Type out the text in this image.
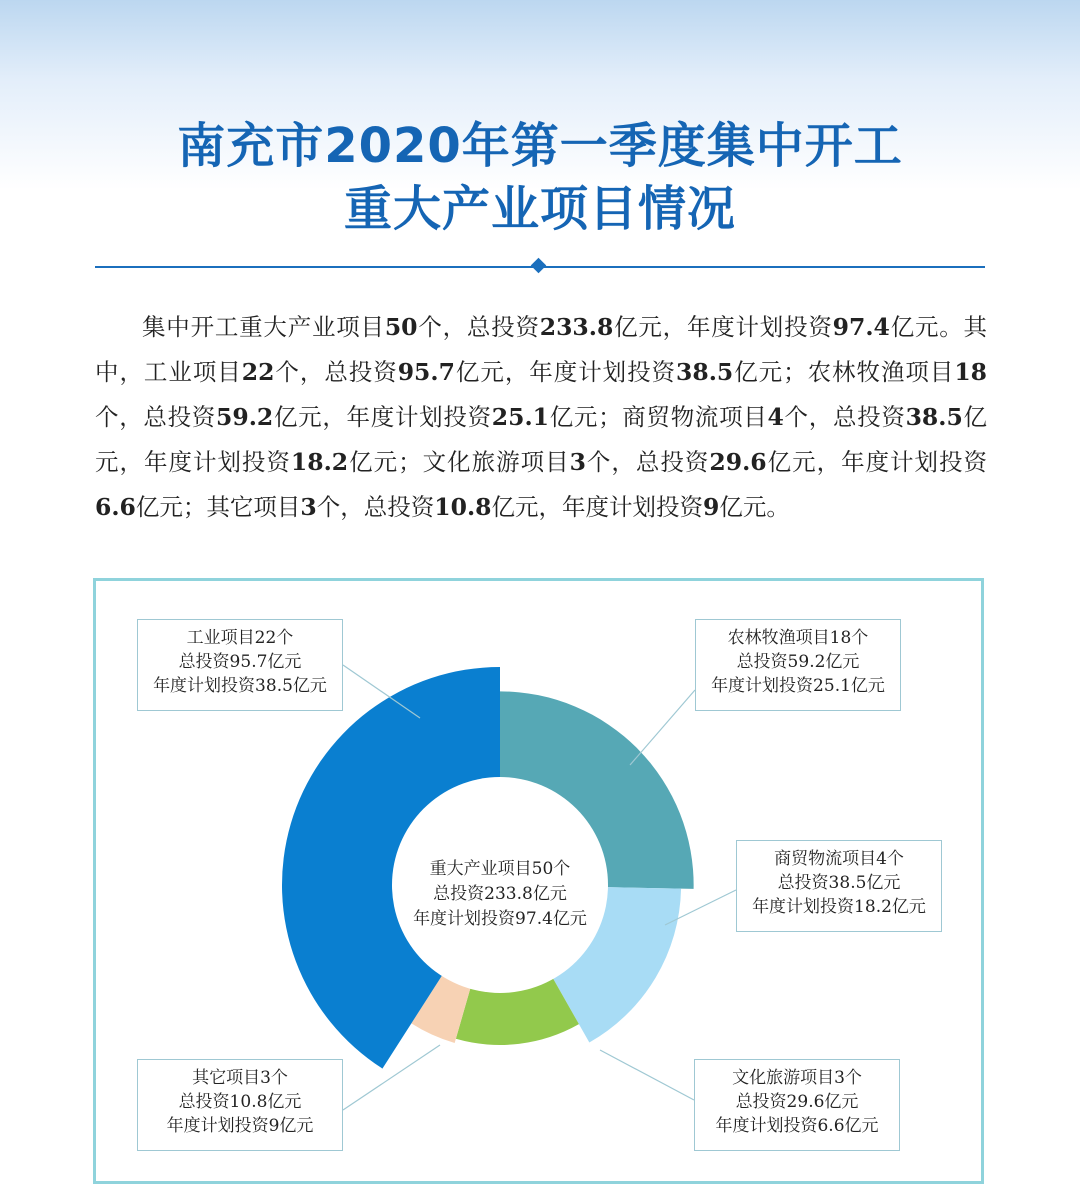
南充市2020年第一季度集中开工
重大产业项目情况

集中开工重大产业项目50个，总投资233.8亿元，年度计划投资97.4亿元。其中，工业项目22个，总投资95.7亿元，年度计划投资38.5亿元；农林牧渔项目18个，总投资59.2亿元，年度计划投资25.1亿元；商贸物流项目4个，总投资38.5亿元，年度计划投资18.2亿元；文化旅游项目3个，总投资29.6亿元，年度计划投资6.6亿元；其它项目3个，总投资10.8亿元，年度计划投资9亿元。

重大产业项目50个
总投资233.8亿元
年度计划投资97.4亿元
工业项目22个
总投资95.7亿元
年度计划投资38.5亿元
农林牧渔项目18个
总投资59.2亿元
年度计划投资25.1亿元
商贸物流项目4个
总投资38.5亿元
年度计划投资18.2亿元
文化旅游项目3个
总投资29.6亿元
年度计划投资6.6亿元
其它项目3个
总投资10.8亿元
年度计划投资9亿元
